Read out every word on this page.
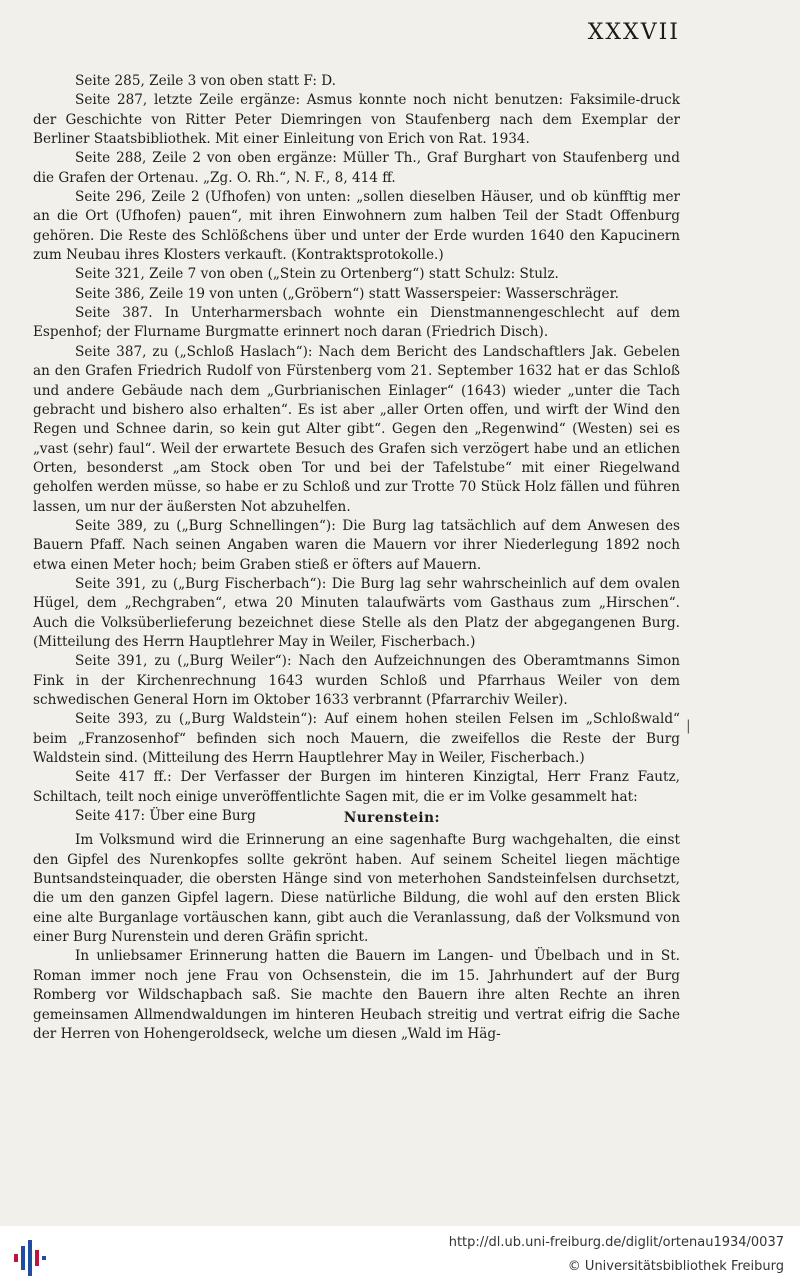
XXXVII

Seite 285, Zeile 3 von oben statt F: D.

Seite 287, letzte Zeile ergänze: Asmus konnte noch nicht benutzen: Faksimile-druck der Geschichte von Ritter Peter Diemringen von Staufenberg nach dem Exemplar der Berliner Staatsbibliothek. Mit einer Einleitung von Erich von Rat. 1934.

Seite 288, Zeile 2 von oben ergänze: Müller Th., Graf Burghart von Staufenberg und die Grafen der Ortenau. „Zg. O. Rh.“, N. F., 8, 414 ff.

Seite 296, Zeile 2 (Ufhofen) von unten: „sollen dieselben Häuser, und ob künfftig mer an die Ort (Ufhofen) pauen“, mit ihren Einwohnern zum halben Teil der Stadt Offenburg gehören. Die Reste des Schlößchens über und unter der Erde wurden 1640 den Kapucinern zum Neubau ihres Klosters verkauft. (Kontraktsprotokolle.)

Seite 321, Zeile 7 von oben („Stein zu Ortenberg“) statt Schulz: Stulz.

Seite 386, Zeile 19 von unten („Gröbern“) statt Wasserspeier: Wasserschräger.

Seite 387. In Unterharmersbach wohnte ein Dienstmannengeschlecht auf dem Espenhof; der Flurname Burgmatte erinnert noch daran (Friedrich Disch).

Seite 387, zu („Schloß Haslach“): Nach dem Bericht des Landschaftlers Jak. Gebelen an den Grafen Friedrich Rudolf von Fürstenberg vom 21. September 1632 hat er das Schloß und andere Gebäude nach dem „Gurbrianischen Einlager“ (1643) wieder „unter die Tach gebracht und bishero also erhalten“. Es ist aber „aller Orten offen, und wirft der Wind den Regen und Schnee darin, so kein gut Alter gibt“. Gegen den „Regenwind“ (Westen) sei es „vast (sehr) faul“. Weil der erwartete Besuch des Grafen sich verzögert habe und an etlichen Orten, besonderst „am Stock oben Tor und bei der Tafelstube“ mit einer Riegelwand geholfen werden müsse, so habe er zu Schloß und zur Trotte 70 Stück Holz fällen und führen lassen, um nur der äußersten Not abzuhelfen.

Seite 389, zu („Burg Schnellingen“): Die Burg lag tatsächlich auf dem Anwesen des Bauern Pfaff. Nach seinen Angaben waren die Mauern vor ihrer Niederlegung 1892 noch etwa einen Meter hoch; beim Graben stieß er öfters auf Mauern.

Seite 391, zu („Burg Fischerbach“): Die Burg lag sehr wahrscheinlich auf dem ovalen Hügel, dem „Rechgraben“, etwa 20 Minuten talaufwärts vom Gasthaus zum „Hirschen“. Auch die Volksüberlieferung bezeichnet diese Stelle als den Platz der abgegangenen Burg. (Mitteilung des Herrn Hauptlehrer May in Weiler, Fischerbach.)

Seite 391, zu („Burg Weiler“): Nach den Aufzeichnungen des Oberamtmanns Simon Fink in der Kirchenrechnung 1643 wurden Schloß und Pfarrhaus Weiler von dem schwedischen General Horn im Oktober 1633 verbrannt (Pfarrarchiv Weiler).

Seite 393, zu („Burg Waldstein“): Auf einem hohen steilen Felsen im „Schloßwald“ beim „Franzosenhof“ befinden sich noch Mauern, die zweifellos die Reste der Burg Waldstein sind. (Mitteilung des Herrn Hauptlehrer May in Weiler, Fischerbach.)

Seite 417 ff.: Der Verfasser der Burgen im hinteren Kinzigtal, Herr Franz Fautz, Schiltach, teilt noch einige unveröffentlichte Sagen mit, die er im Volke gesammelt hat:

Seite 417: Über eine Burg	Nurenstein:

Im Volksmund wird die Erinnerung an eine sagenhafte Burg wachgehalten, die einst den Gipfel des Nurenkopfes sollte gekrönt haben. Auf seinem Scheitel liegen mächtige Buntsandsteinquader, die obersten Hänge sind von meterhohen Sandsteinfelsen durchsetzt, die um den ganzen Gipfel lagern. Diese natürliche Bildung, die wohl auf den ersten Blick eine alte Burganlage vortäuschen kann, gibt auch die Veranlassung, daß der Volksmund von einer Burg Nurenstein und deren Gräfin spricht.

In unliebsamer Erinnerung hatten die Bauern im Langen- und Übelbach und in St. Roman immer noch jene Frau von Ochsenstein, die im 15. Jahrhundert auf der Burg Romberg vor Wildschapbach saß. Sie machte den Bauern ihre alten Rechte an ihren gemeinsamen Allmendwaldungen im hinteren Heubach streitig und vertrat eifrig die Sache der Herren von Hohengeroldseck, welche um diesen „Wald im Häg-

|
http://dl.ub.uni-freiburg.de/diglit/ortenau1934/0037
© Universitätsbibliothek Freiburg
